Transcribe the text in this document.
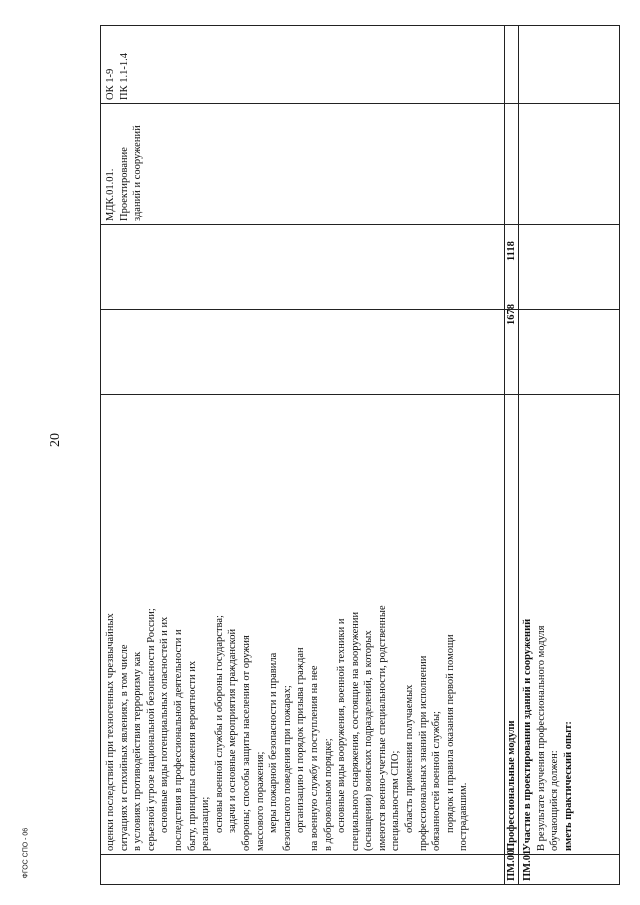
20
ФГОС СПО - 06

оценки последствий при техногенных чрезвычайных ситуациях и стихийных явлениях, в том числе в условиях противодействия терроризму как серьезной угрозе национальной безопасности России; основные виды потенциальных опасностей и их последствия в профессиональной деятельности и быту, принципы снижения вероятности их реализации; основы военной службы и обороны государства; задачи и основные мероприятия гражданской обороны; способы защиты населения от оружия массового поражения; меры пожарной безопасности и правила безопасного поведения при пожарах; организацию и порядок призыва граждан на военную службу и поступления на нее в добровольном порядке; основные виды вооружения, военной техники и специального снаряжения, состоящие на вооружении (оснащении) воинских подразделений, в которых имеются военно-учетные специальности, родственные специальностям СПО; область применения получаемых профессиональных знаний при исполнении обязанностей военной службы; порядок и правила оказания первой помощи пострадавшим.

МДК.01.01. Проектирование зданий и сооружений

ОК 1-9 ПК 1.1-1.4

ПМ.00
Профессиональные модули
1678
1118
ПМ.01

Участие в проектировании зданий и сооружений В результате изучения профессионального модуля обучающийся должен: иметь практический опыт:
